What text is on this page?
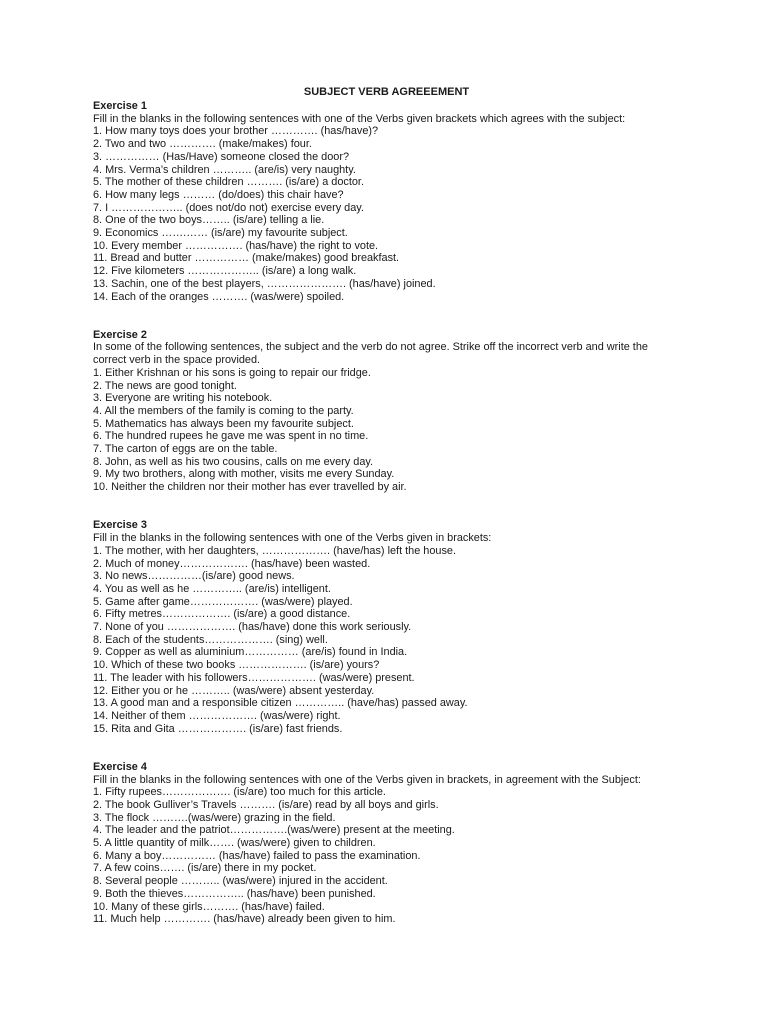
SUBJECT VERB AGREEEMENT
Exercise 1
Fill in the blanks in the following sentences with one of the Verbs given brackets which agrees with the subject:
1. How many toys does your brother …………. (has/have)?
2. Two and two …………. (make/makes) four.
3. …………… (Has/Have) someone closed the door?
4. Mrs. Verma’s children ……….. (are/is) very naughty.
5. The mother of these children ………. (is/are) a doctor.
6. How many legs ……… (do/does) this chair have?
7. I ……………….. (does not/do not) exercise every day.
8. One of the two boys…….. (is/are) telling a lie.
9. Economics …….…… (is/are) my favourite subject.
10. Every member ……………. (has/have) the right to vote.
11. Bread and butter …………… (make/makes) good breakfast.
12. Five kilometers ……………….. (is/are) a long walk.
13. Sachin, one of the best players, …………………. (has/have) joined.
14. Each of the oranges ………. (was/were) spoiled.
Exercise 2
In some of the following sentences, the subject and the verb do not agree. Strike off the incorrect verb and write the correct verb in the space provided.
1. Either Krishnan or his sons is going to repair our fridge.
2. The news are good tonight.
3. Everyone are writing his notebook.
4. All the members of the family is coming to the party.
5. Mathematics has always been my favourite subject.
6. The hundred rupees he gave me was spent in no time.
7. The carton of eggs are on the table.
8. John, as well as his two cousins, calls on me every day.
9. My two brothers, along with mother, visits me every Sunday.
10. Neither the children nor their mother has ever travelled by air.
Exercise 3
Fill in the blanks in the following sentences with one of the Verbs given in brackets:
1. The mother, with her daughters, ………………. (have/has) left the house.
2. Much of money………………. (has/have) been wasted.
3. No news……………(is/are) good news.
4. You as well as he ………….. (are/is) intelligent.
5. Game after game………………. (was/were) played.
6. Fifty metres………………. (is/are) a good distance.
7. None of you ………………. (has/have) done this work seriously.
8. Each of the students………………. (sing) well.
9. Copper as well as aluminium…………… (are/is) found in India.
10. Which of these two books ………………. (is/are) yours?
11. The leader with his followers………………. (was/were) present.
12. Either you or he ……….. (was/were) absent yesterday.
13. A good man and a responsible citizen ………….. (have/has) passed away.
14. Neither of them ………………. (was/were) right.
15. Rita and Gita ………………. (is/are) fast friends.
Exercise 4
Fill in the blanks in the following sentences with one of the Verbs given in brackets, in agreement with the Subject:
1. Fifty rupees………………. (is/are) too much for this article.
2. The book Gulliver’s Travels ………. (is/are) read by all boys and girls.
3. The flock ……….(was/were) grazing in the field.
4. The leader and the patriot…………….(was/were) present at the meeting.
5. A little quantity of milk……. (was/were) given to children.
6. Many a boy…………… (has/have) failed to pass the examination.
7. A few coins……. (is/are) there in my pocket.
8. Several people ……….. (was/were) injured in the accident.
9. Both the thieves…………….. (has/have) been punished.
10. Many of these girls………. (has/have) failed.
11. Much help …………. (has/have) already been given to him.
